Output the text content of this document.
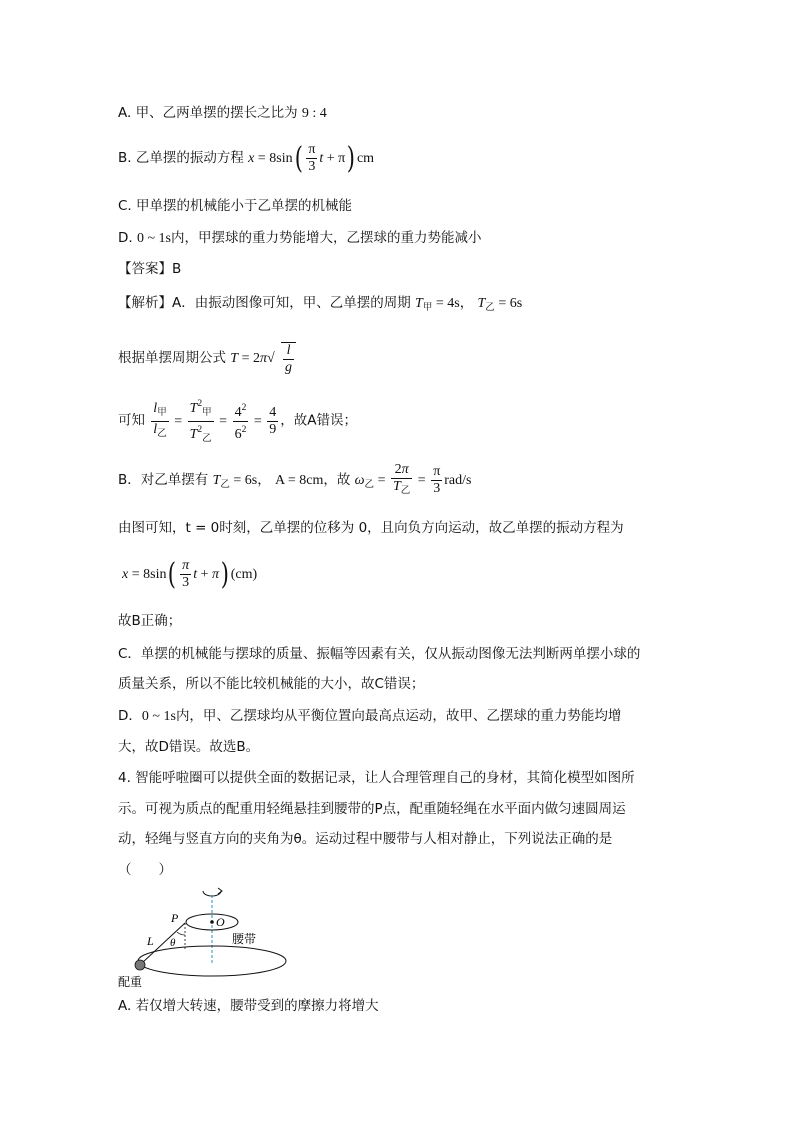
A. 甲、乙两单摆的摆长之比为 9 : 4
B. 乙单摆的振动方程 $x = 8\sin( \frac{\pi}{3}$ t + π) cm
C. 甲单摆的机械能小于乙单摆的机械能
D. 0 ~ 1s内，甲摆球的重力势能增大，乙摆球的重力势能减小
【答案】B
【解析】A．由振动图像可知，甲、乙单摆的周期 $T_甲 = 4s$， $T_乙 = 6s$
根据单摆周期公式 T = 2π √ $\frac{l}{g}$
可知 $\frac{l_甲}{l_乙} = \frac{T^2_甲}{T^2_乙} = \frac{4^2}{6^2} = \frac{4}{9}$ ，故A错误；
B．对乙单摆有 $T_乙 = 6s$， A = 8cm，故 $\omega_乙 = \frac{2\pi}{T_乙} = \frac{\pi}{3} rad/s$
由图可知，t = 0时刻，乙单摆的位移为 0，且向负方向运动，故乙单摆的振动方程为
$x = 8\sin( \frac{\pi}{3}$ t + π) (cm)
故B正确；
C．单摆的机械能与摆球的质量、振幅等因素有关，仅从振动图像无法判断两单摆小球的
质量关系，所以不能比较机械能的大小，故C错误；
D．0 ~ 1s内，甲、乙摆球均从平衡位置向最高点运动，故甲、乙摆球的重力势能均增
大，故D错误。故选B。
4. 智能呼啦圈可以提供全面的数据记录，让人合理管理自己的身材，其简化模型如图所
示。可视为质点的配重用轻绳悬挂到腰带的P点，配重随轻绳在水平面内做匀速圆周运
动，轻绳与竖直方向的夹角为θ。运动过程中腰带与人相对静止，下列说法正确的是
（　　）
P	O
L θ	腰带
配重
A. 若仅增大转速，腰带受到的摩擦力将增大
